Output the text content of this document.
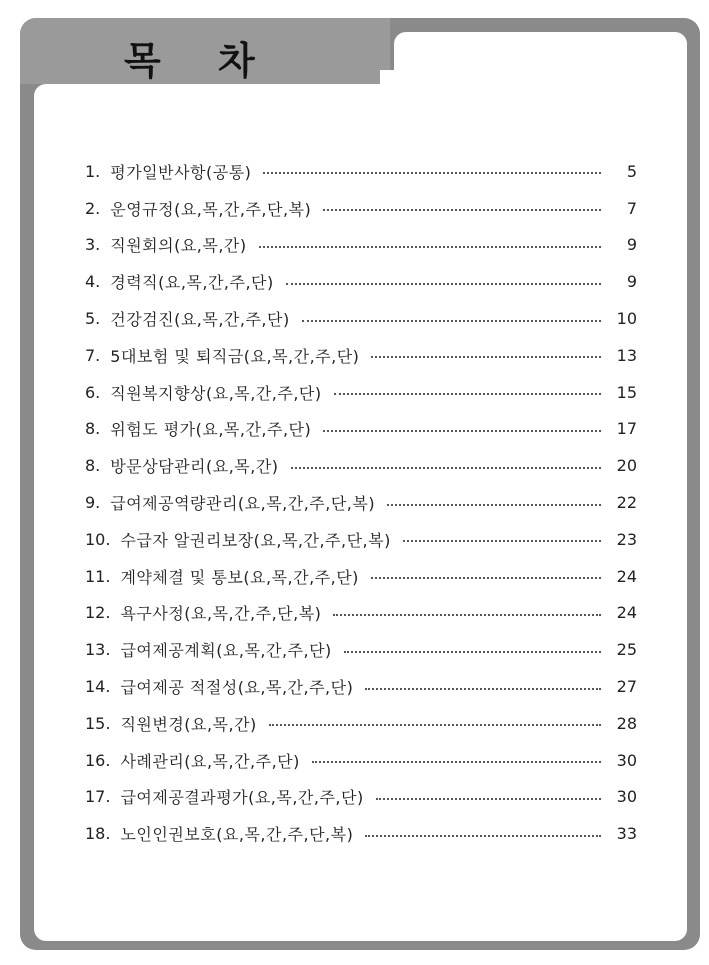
목 차
1. 평가일반사항(공통)	5
2. 운영규정(요,목,간,주,단,복)	7
3. 직원회의(요,목,간)	9
4. 경력직(요,목,간,주,단)	9
5. 건강검진(요,목,간,주,단)	10
7. 5대보험 및 퇴직금(요,목,간,주,단)	13
6. 직원복지향상(요,목,간,주,단)	15
8. 위험도 평가(요,목,간,주,단)	17
8. 방문상담관리(요,목,간)	20
9. 급여제공역량관리(요,목,간,주,단,복)	22
10. 수급자 알권리보장(요,목,간,주,단,복)	23
11. 계약체결 및 통보(요,목,간,주,단)	24
12. 욕구사정(요,목,간,주,단,복)	24
13. 급여제공계획(요,목,간,주,단)	25
14. 급여제공 적절성(요,목,간,주,단)	27
15. 직원변경(요,목,간)	28
16. 사례관리(요,목,간,주,단)	30
17. 급여제공결과평가(요,목,간,주,단)	30
18. 노인인권보호(요,목,간,주,단,복)	33
